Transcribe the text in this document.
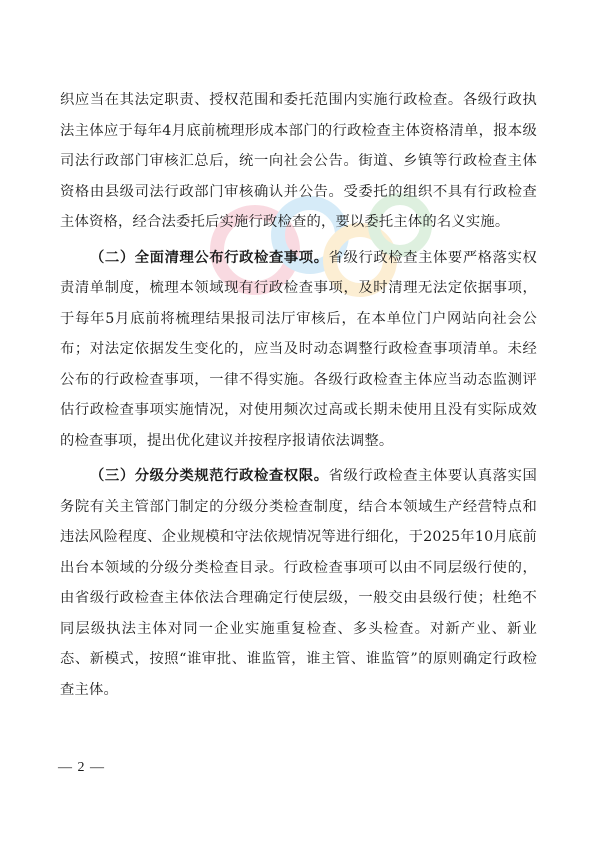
织应当在其法定职责、授权范围和委托范围内实施行政检查。各级行政执法主体应于每年4月底前梳理形成本部门的行政检查主体资格清单，报本级司法行政部门审核汇总后，统一向社会公告。街道、乡镇等行政检查主体资格由县级司法行政部门审核确认并公告。受委托的组织不具有行政检查主体资格，经合法委托后实施行政检查的，要以委托主体的名义实施。

（二）全面清理公布行政检查事项。省级行政检查主体要严格落实权责清单制度，梳理本领域现有行政检查事项，及时清理无法定依据事项，于每年5月底前将梳理结果报司法厅审核后，在本单位门户网站向社会公布；对法定依据发生变化的，应当及时动态调整行政检查事项清单。未经公布的行政检查事项，一律不得实施。各级行政检查主体应当动态监测评估行政检查事项实施情况，对使用频次过高或长期未使用且没有实际成效的检查事项，提出优化建议并按程序报请依法调整。

（三）分级分类规范行政检查权限。省级行政检查主体要认真落实国务院有关主管部门制定的分级分类检查制度，结合本领域生产经营特点和违法风险程度、企业规模和守法依规情况等进行细化，于2025年10月底前出台本领域的分级分类检查目录。行政检查事项可以由不同层级行使的，由省级行政检查主体依法合理确定行使层级，一般交由县级行使；杜绝不同层级执法主体对同一企业实施重复检查、多头检查。对新产业、新业态、新模式，按照“谁审批、谁监管，谁主管、谁监管”的原则确定行政检查主体。

— 2 —
